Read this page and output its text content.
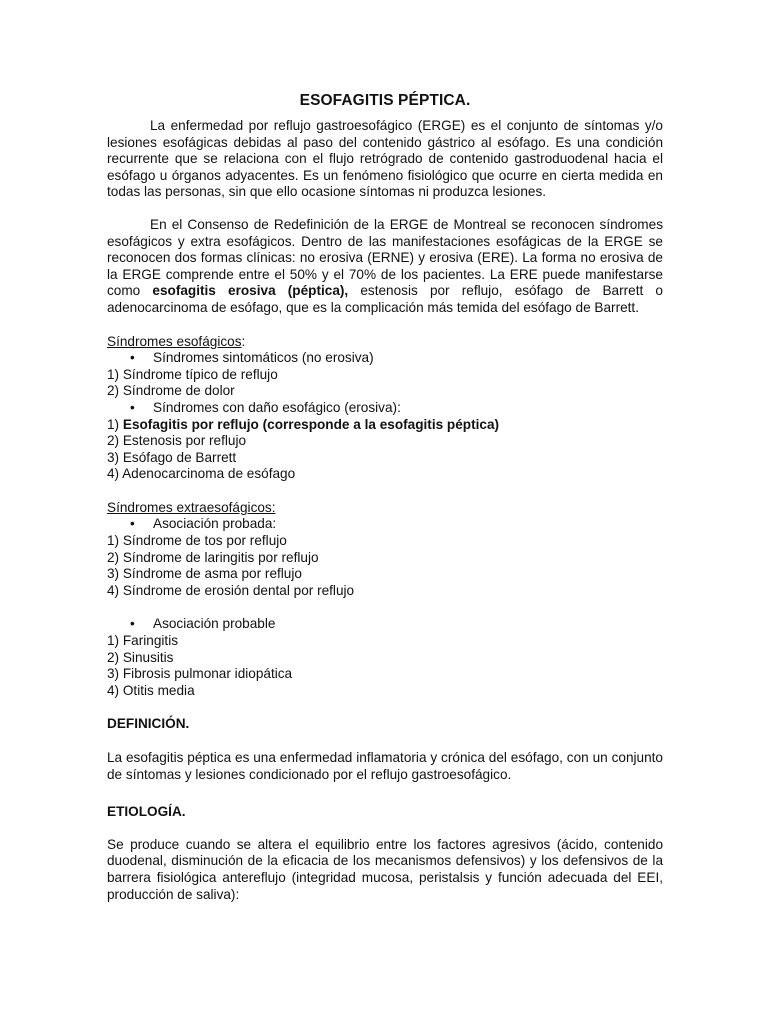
ESOFAGITIS PÉPTICA.

La enfermedad por reflujo gastroesofágico (ERGE) es el conjunto de síntomas y/o lesiones esofágicas debidas al paso del contenido gástrico al esófago. Es una condición recurrente que se relaciona con el flujo retrógrado de contenido gastroduodenal hacia el esófago u órganos adyacentes. Es un fenómeno fisiológico que ocurre en cierta medida en todas las personas, sin que ello ocasione síntomas ni produzca lesiones.

En el Consenso de Redefinición de la ERGE de Montreal se reconocen síndromes esofágicos y extra esofágicos. Dentro de las manifestaciones esofágicas de la ERGE se reconocen dos formas clínicas: no erosiva (ERNE) y erosiva (ERE). La forma no erosiva de la ERGE comprende entre el 50% y el 70% de los pacientes. La ERE puede manifestarse como esofagitis erosiva (péptica), estenosis por reflujo, esófago de Barrett o adenocarcinoma de esófago, que es la complicación más temida del esófago de Barrett.

Síndromes esofágicos:
• Síndromes sintomáticos (no erosiva)
1) Síndrome típico de reflujo
2) Síndrome de dolor
• Síndromes con daño esofágico (erosiva):
1) Esofagitis por reflujo (corresponde a la esofagitis péptica)
2) Estenosis por reflujo
3) Esófago de Barrett
4) Adenocarcinoma de esófago
Síndromes extraesofágicos:
• Asociación probada:
1) Síndrome de tos por reflujo
2) Síndrome de laringitis por reflujo
3) Síndrome de asma por reflujo
4) Síndrome de erosión dental por reflujo
• Asociación probable
1) Faringitis
2) Sinusitis
3) Fibrosis pulmonar idiopática
4) Otitis media
DEFINICIÓN.

La esofagitis péptica es una enfermedad inflamatoria y crónica del esófago, con un conjunto de síntomas y lesiones condicionado por el reflujo gastroesofágico.

ETIOLOGÍA.

Se produce cuando se altera el equilibrio entre los factores agresivos (ácido, contenido duodenal, disminución de la eficacia de los mecanismos defensivos) y los defensivos de la barrera fisiológica antereflujo (integridad mucosa, peristalsis y función adecuada del EEI, producción de saliva):
